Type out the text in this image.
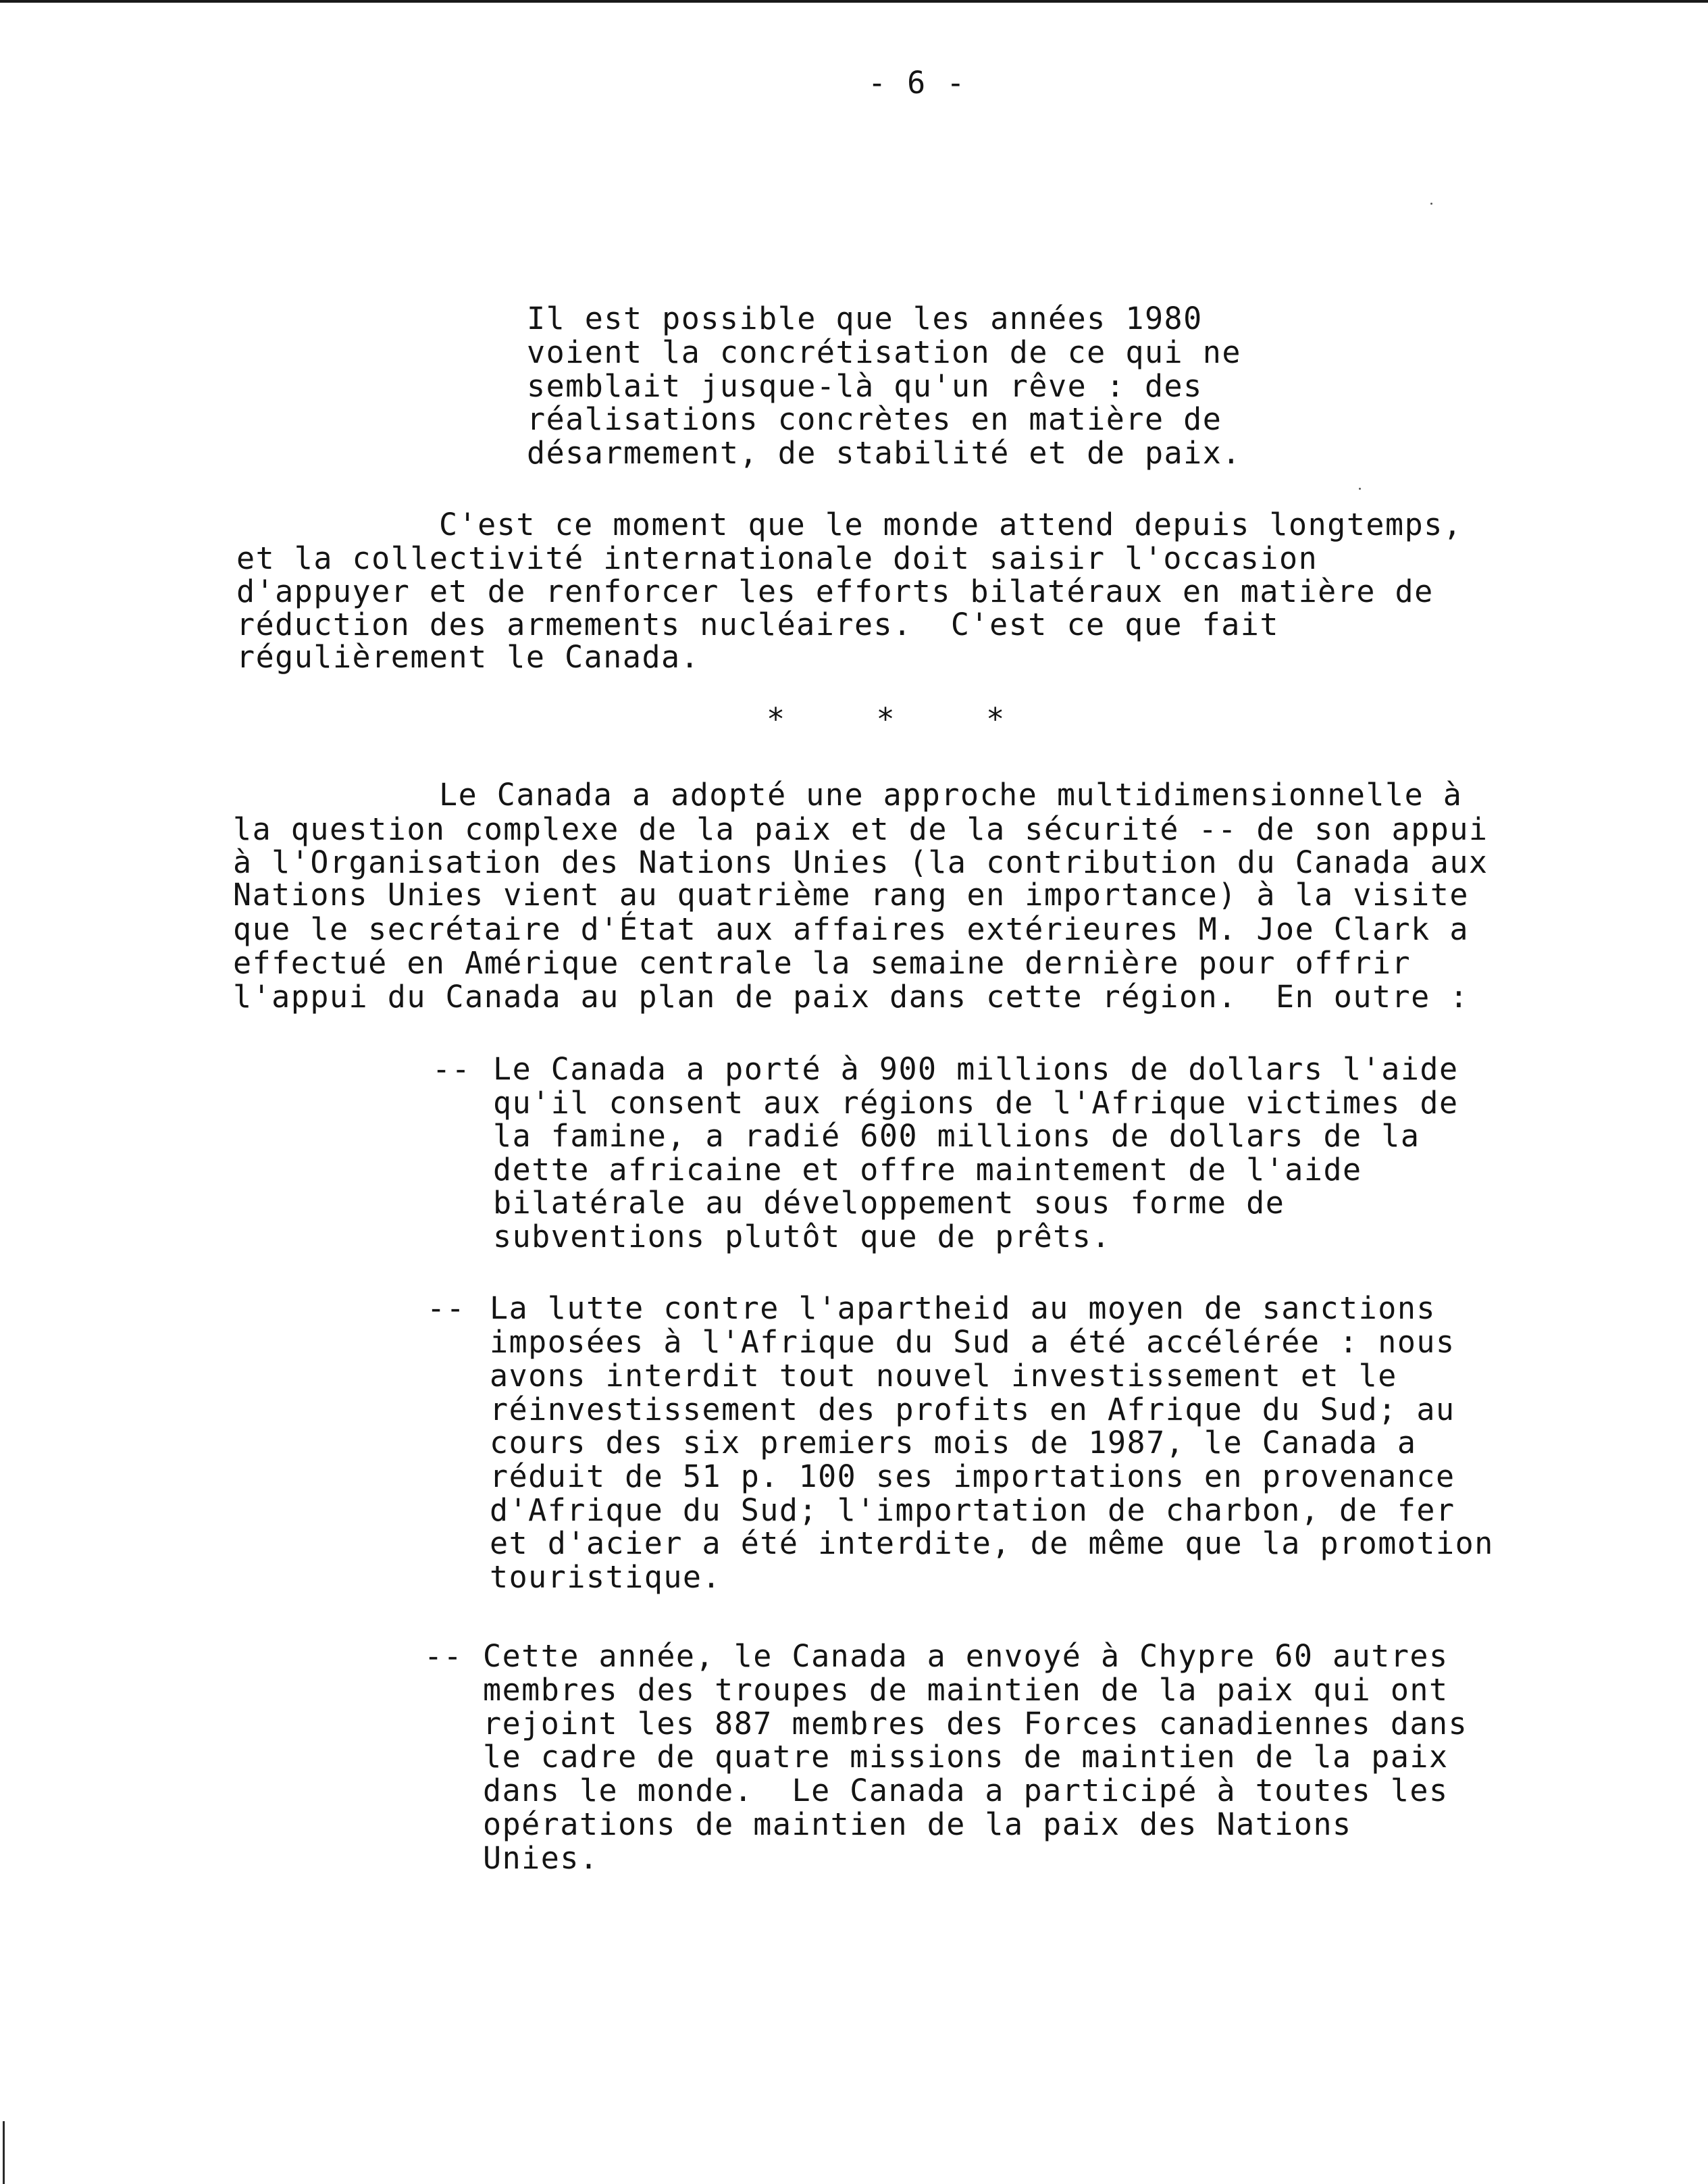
- 6 -
Il est possible que les années 1980
voient la concrétisation de ce qui ne
semblait jusque-là qu'un rêve : des
réalisations concrètes en matière de
désarmement, de stabilité et de paix.
C'est ce moment que le monde attend depuis longtemps,
et la collectivité internationale doit saisir l'occasion
d'appuyer et de renforcer les efforts bilatéraux en matière de
réduction des armements nucléaires.  C'est ce que fait
régulièrement le Canada.
*     *     *
Le Canada a adopté une approche multidimensionnelle à
la question complexe de la paix et de la sécurité -- de son appui
à l'Organisation des Nations Unies (la contribution du Canada aux
Nations Unies vient au quatrième rang en importance) à la visite
que le secrétaire d'État aux affaires extérieures M. Joe Clark a
effectué en Amérique centrale la semaine dernière pour offrir
l'appui du Canada au plan de paix dans cette région.  En outre :
-- Le Canada a porté à 900 millions de dollars l'aide
qu'il consent aux régions de l'Afrique victimes de
la famine, a radié 600 millions de dollars de la
dette africaine et offre maintement de l'aide
bilatérale au développement sous forme de
subventions plutôt que de prêts.
-- La lutte contre l'apartheid au moyen de sanctions
imposées à l'Afrique du Sud a été accélérée : nous
avons interdit tout nouvel investissement et le
réinvestissement des profits en Afrique du Sud; au
cours des six premiers mois de 1987, le Canada a
réduit de 51 p. 100 ses importations en provenance
d'Afrique du Sud; l'importation de charbon, de fer
et d'acier a été interdite, de même que la promotion
touristique.
-- Cette année, le Canada a envoyé à Chypre 60 autres
membres des troupes de maintien de la paix qui ont
rejoint les 887 membres des Forces canadiennes dans
le cadre de quatre missions de maintien de la paix
dans le monde.  Le Canada a participé à toutes les
opérations de maintien de la paix des Nations
Unies.
